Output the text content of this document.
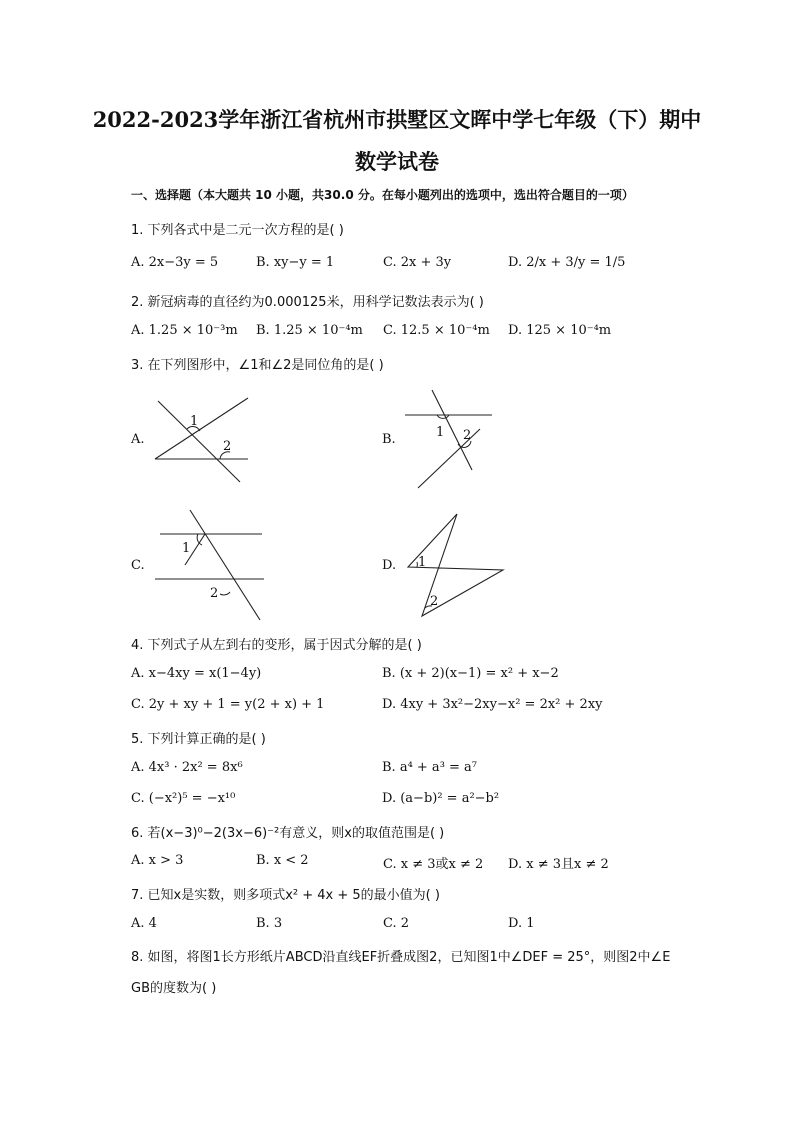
2022-2023学年浙江省杭州市拱墅区文晖中学七年级（下）期中
数学试卷
一、选择题（本大题共 10 小题，共30.0 分。在每小题列出的选项中，选出符合题目的一项）
1. 下列各式中是二元一次方程的是( )
A. 2x−3y = 5	B. xy−y = 1	C. 2x + 3y	D. 2/x + 3/y = 1/5
2. 新冠病毒的直径约为0.000125米，用科学记数法表示为( )
A. 1.25 × 10⁻³m B. 1.25 × 10⁻⁴m C. 12.5 × 10⁻⁴m D. 125 × 10⁻⁴m
3. 在下列图形中，∠1和∠2是同位角的是( )
A.
1
2	B.	1 2
C.
1
2
D. 1
2
4. 下列式子从左到右的变形，属于因式分解的是( )
A. x−4xy = x(1−4y)	B. (x + 2)(x−1) = x² + x−2
C. 2y + xy + 1 = y(2 + x) + 1	D. 4xy + 3x²−2xy−x² = 2x² + 2xy
5. 下列计算正确的是( )
A. 4x³ · 2x² = 8x⁶	B. a⁴ + a³ = a⁷
C. (−x²)⁵ = −x¹⁰	D. (a−b)² = a²−b²
6. 若(x−3)⁰−2(3x−6)⁻²有意义，则x的取值范围是( )
A. x > 3	B. x < 2	C. x ≠ 3或x ≠ 2 D. x ≠ 3且x ≠ 2
7. 已知x是实数，则多项式x² + 4x + 5的最小值为( )
A. 4	B. 3	C. 2	D. 1
8. 如图，将图1长方形纸片ABCD沿直线EF折叠成图2，已知图1中∠DEF = 25°，则图2中∠E
GB的度数为( )
